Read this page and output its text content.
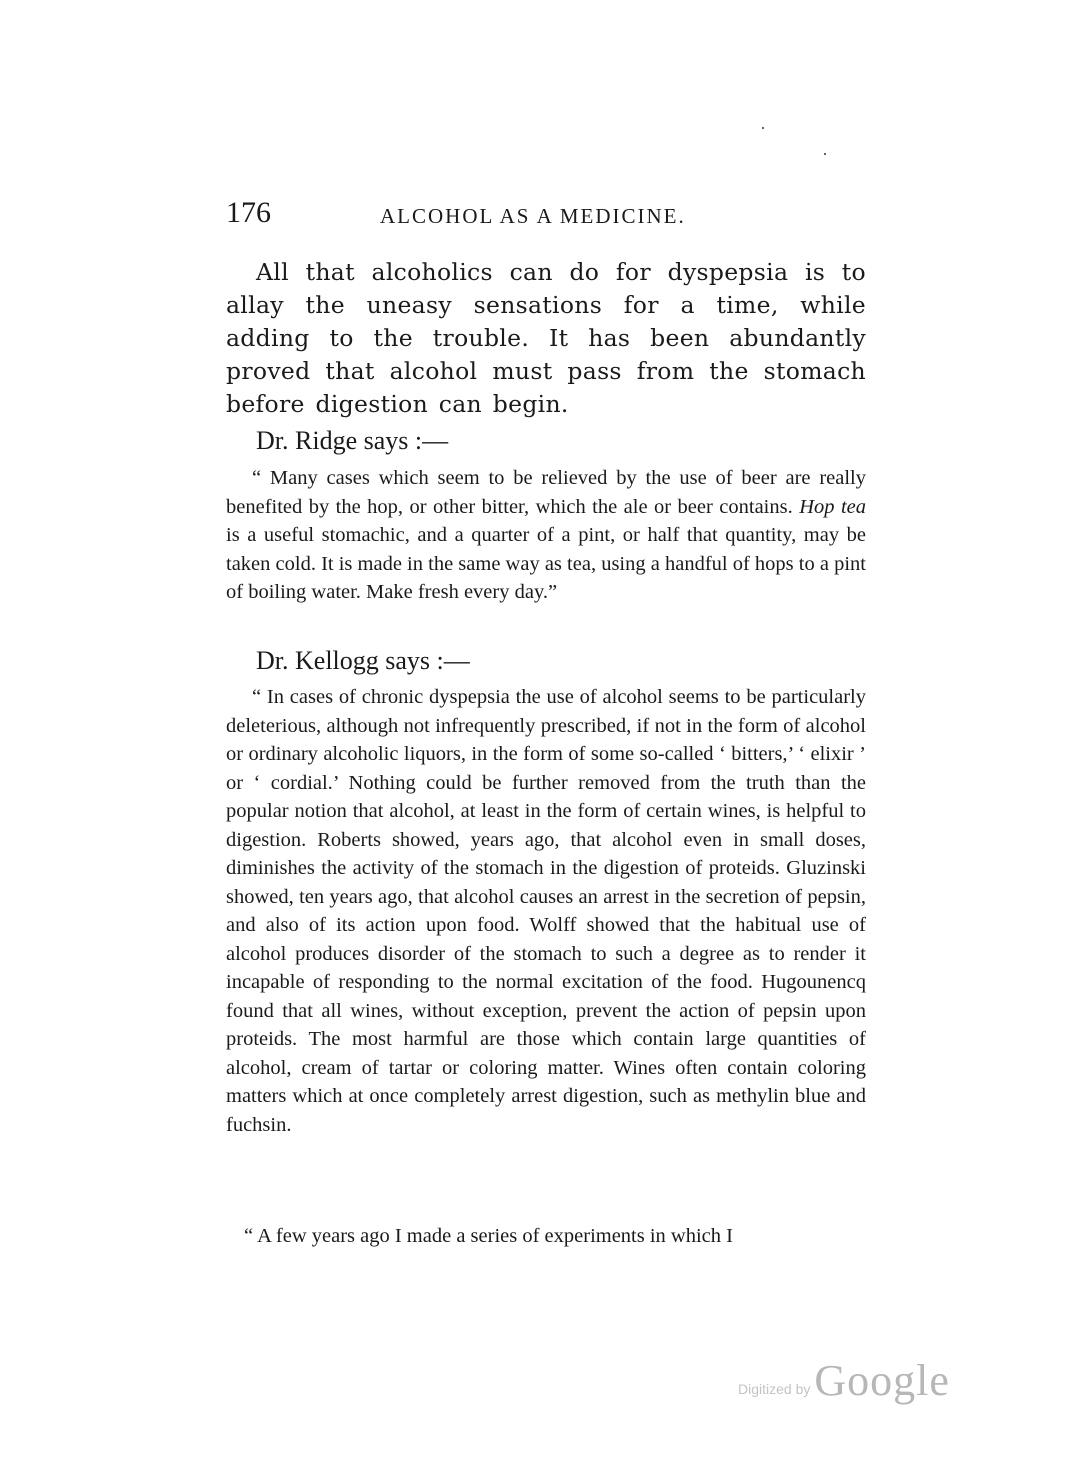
176	ALCOHOL AS A MEDICINE.

All that alcoholics can do for dyspepsia is to allay the uneasy sensations for a time, while adding to the trouble. It has been abundantly proved that alcohol must pass from the stomach before digestion can begin.

Dr. Ridge says :—

“ Many cases which seem to be relieved by the use of beer are really benefited by the hop, or other bitter, which the ale or beer contains. Hop tea is a useful stomachic, and a quarter of a pint, or half that quantity, may be taken cold. It is made in the same way as tea, using a handful of hops to a pint of boiling water. Make fresh every day.”

Dr. Kellogg says :—

“ In cases of chronic dyspepsia the use of alcohol seems to be particularly deleterious, although not infrequently prescribed, if not in the form of alcohol or ordinary alcoholic liquors, in the form of some so-called ‘ bitters,’ ‘ elixir ’ or ‘ cordial.’ Nothing could be further removed from the truth than the popular notion that alcohol, at least in the form of certain wines, is helpful to digestion. Roberts showed, years ago, that alcohol even in small doses, diminishes the activity of the stomach in the digestion of proteids. Gluzinski showed, ten years ago, that alcohol causes an arrest in the secretion of pepsin, and also of its action upon food. Wolff showed that the habitual use of alcohol produces disorder of the stomach to such a degree as to render it incapable of responding to the normal excitation of the food. Hugounencq found that all wines, without exception, prevent the action of pepsin upon proteids. The most harmful are those which contain large quantities of alcohol, cream of tartar or coloring matter. Wines often contain coloring matters which at once completely arrest digestion, such as methylin blue and fuchsin.

“ A few years ago I made a series of experiments in which I

Digitized by Google
